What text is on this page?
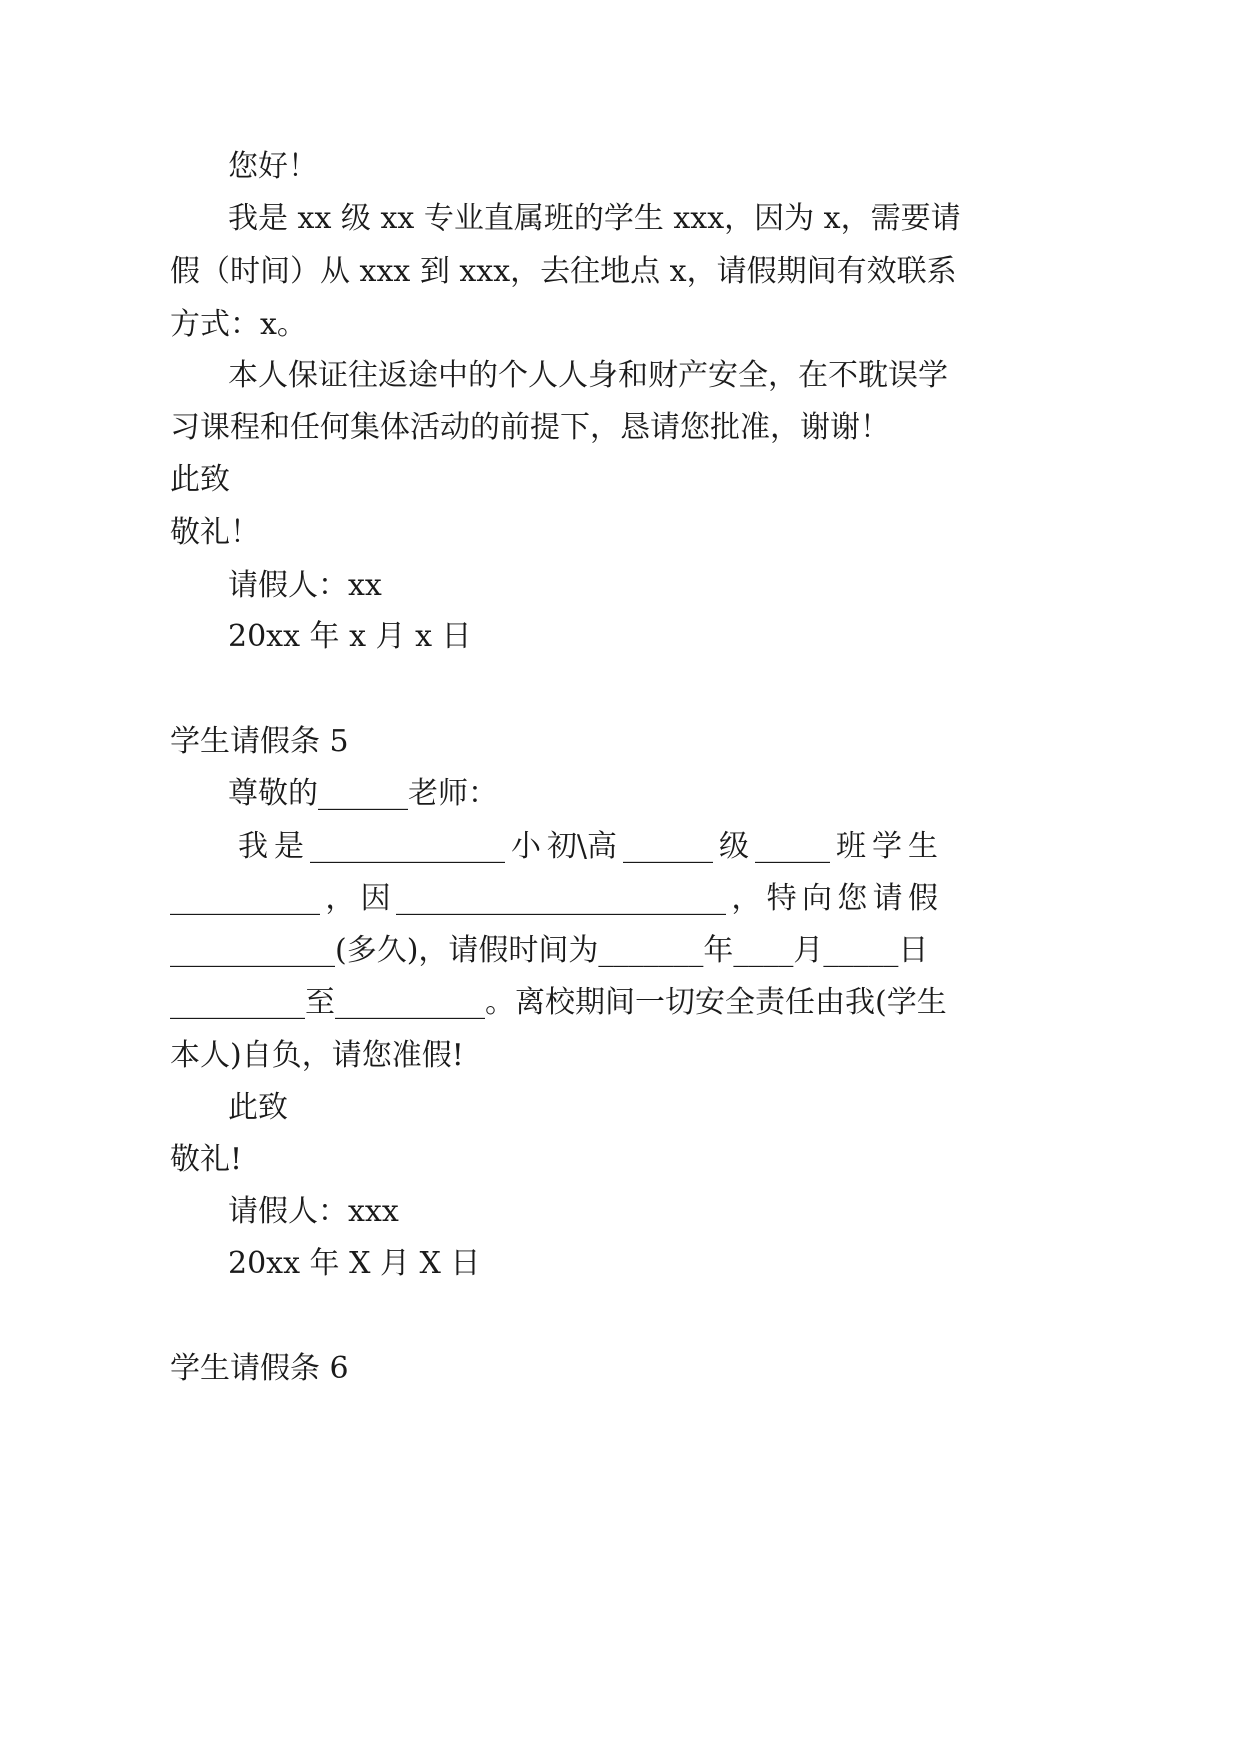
您好！
我是 xx 级 xx 专业直属班的学生 xxx，因为 x，需要请
假（时间）从 xxx 到 xxx，去往地点 x，请假期间有效联系
方式：x。
本人保证往返途中的个人人身和财产安全，在不耽误学
习课程和任何集体活动的前提下，恳请您批准，谢谢！
此致
敬礼！
请假人：xx
20xx 年 x 月 x 日
学生请假条 5
尊敬的______老师：
我 是 _____________ 小 初\高 ______ 级 _____ 班 学 生
__________ ， 因 ______________________ ， 特 向 您 请 假
___________(多久)，请假时间为_______年____月_____日
_________至__________。离校期间一切安全责任由我(学生
本人)自负，请您准假!
此致
敬礼!
请假人：xxx
20xx 年 X 月 X 日
学生请假条 6
